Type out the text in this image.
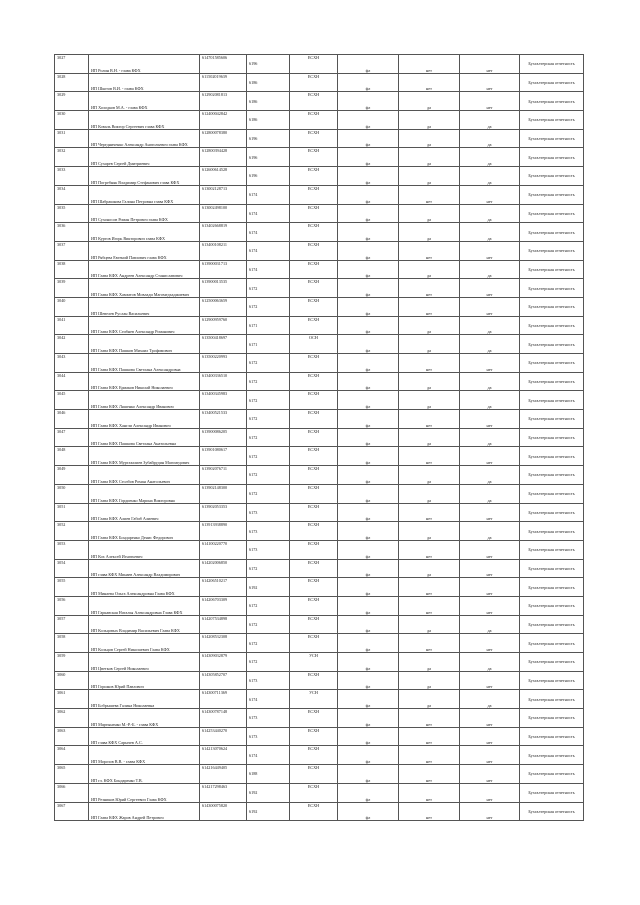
3027	ИП Ролин В.Н. - глава КФХ	614701585606	6196	ЕСХН	фл	нет	нет	Бухгалтерская отчетность
3028	ИП Шкотов В.И. - глава КФХ	611502019639	6186	ЕСХН	фл	нет	нет	Бухгалтерская отчетность
3029	ИП Холодков М.А. - глава КФХ	612902081813	6186	ЕСХН	фл	да	нет	Бухгалтерская отчетность
3030	ИП Коваль Виктор Сергеевич глава КФХ	612400042842	6186	ЕСХН	фл	да	да	Бухгалтерская отчетность
3031	ИП Чередниченко Александр Анатольевич глава КФХ	612800078380	6196	ЕСХН	фл	да	да	Бухгалтерская отчетность
3032	ИП Сухарев Сергей Дмитриевич	612800394428	6196	ЕСХН	фл	да	да	Бухгалтерская отчетность
3033	ИП Погребняк Владимир Стефанович глава КФХ	612600614528	6196	ЕСХН	фл	да	да	Бухгалтерская отчетность
3034	ИП Шабрашкова Галина Петровна глава КФХ	613002128713	6174	ЕСХН	фл	нет	нет	Бухгалтерская отчетность
3035	ИП Сухоносов Роман Петрович глава КФХ	613002498100	6174	ЕСХН	фл	да	да	Бухгалтерская отчетность
3036	ИП Куртов Игорь Викторович глава КФХ	613402668819	6174	ЕСХН	фл	да	да	Бухгалтерская отчетность
3037	ИП Рябцева Евгений Павлович глава КФХ	613400108211	6174	ЕСХН	фл	нет	нет	Бухгалтерская отчетность
3038	ИП Глава КФХ Андреев Александр Станиславович	613900031713	6174	ЕСХН	фл	да	да	Бухгалтерская отчетность
3039	ИП Глава КФХ Хамзатов Мовлади Магомедхаджиевич	613900013535	6172	ЕСХН	фл	нет	нет	Бухгалтерская отчетность
3040	ИП Шевелев Руслан Васильевич	612500063659	6172	ЕСХН	фл	нет	нет	Бухгалтерская отчетность
3041	ИП Глава КФХ Сгибнев Александр Романович	612900959760	6171	ЕСХН	фл	да	да	Бухгалтерская отчетность
3042	ИП Глава КФХ Пашков Михаил Трофимович	613500418697	6171	ОСН	фл	да	да	Бухгалтерская отчетность
3043	ИП Глава КФХ Пашкова Светлана Александровна	613500220993	6172	ЕСХН	фл	нет	нет	Бухгалтерская отчетность
3044	ИП Глава КФХ Ермаков Николай Николаевич	613400336510	6172	ЕСХН	фл	да	да	Бухгалтерская отчетность
3045	ИП Глава КФХ Ляшенко Александр Иванович	613400345983	6172	ЕСХН	фл	да	да	Бухгалтерская отчетность
3046	ИП Глава КФХ Хангли Александр Иванович	613400521533	6172	ЕСХН	фл	нет	нет	Бухгалтерская отчетность
3047	ИП Глава КФХ Пашкова Светлана Анатольевна	613900086205	6172	ЕСХН	фл	да	да	Бухгалтерская отчетность
3048	ИП Глава КФХ Муртазалиев Зубайрудин Магомедович	613901080617	6172	ЕСХН	фл	нет	нет	Бухгалтерская отчетность
3049	ИП Глава КФХ Столбов Роман Анатольевич	613902076711	6172	ЕСХН	фл	да	да	Бухгалтерская отчетность
3050	ИП Глава КФХ Гордиенко Марина Викторовна	613902148300	6172	ЕСХН	фл	да	да	Бухгалтерская отчетность
3051	ИП Глава КФХ Алиев Габиб Алиевич	613902053353	6173	ЕСХН	фл	нет	нет	Бухгалтерская отчетность
3052	ИП Глава КФХ Бондаренко Денис Федорович	613913938890	6173	ЕСХН	фл	да	да	Бухгалтерская отчетность
3053	ИП Кох Алексей Игнатьевич	614100220770	6173	ЕСХН	фл	нет	нет	Бухгалтерская отчетность
3054	ИП глава КФХ Минаев Александр Владимирович	614202006850	6172	ЕСХН	фл	да	нет	Бухгалтерская отчетность
3055	ИП Минаева Ольга Александровна Глава КФХ	614206510217	6192	ЕСХН	фл	нет	нет	Бухгалтерская отчетность
3056	ИП Гаркавская Наталья Александровна Глава КФХ	614206703309	6172	ЕСХН	фл	нет	нет	Бухгалтерская отчетность
3057	ИП Кольцовых Владимир Васильевич Глава КФХ	614207534898	6172	ЕСХН	фл	да	да	Бухгалтерская отчетность
3058	ИП Кольцов Сергей Николаевич Глава КФХ	614208532308	6172	ЕСХН	фл	нет	нет	Бухгалтерская отчетность
3059	ИП Цветков Сергей Николаевич	614309032879	6172	УСН	фл	да	да	Бухгалтерская отчетность
3060	ИП Горшков Юрий Павлович	614305852707	6173	ЕСХН	фл	да	нет	Бухгалтерская отчетность
3061	ИП Бобрышева Галина Николаевна	614300711369	6174	УСН	фл	да	да	Бухгалтерская отчетность
3062	ИП Мартыненко М.-Р.-Б. - глава КФХ	614300787148	6173	ЕСХН	фл	нет	нет	Бухгалтерская отчетность
3063	ИП глава КФХ Сарычев А.С.	614253440270	6173	ЕСХН	фл	нет	нет	Бухгалтерская отчетность
3064	ИП Морозов В.В. - глава КФХ	614213070624	6174	ЕСХН	фл	нет	нет	Бухгалтерская отчетность
3065	ИП гл. КФХ Бондаренко Т.В.	614216449405	6188	ЕСХН	фл	нет	нет	Бухгалтерская отчетность
3066	ИП Резников Юрий Сергеевич Глава КФХ	614217298463	6192	ЕСХН	фл	нет	нет	Бухгалтерская отчетность
3067	ИП Глава КФХ Жаров Андрей Петрович	614300075820	6192	ЕСХН	фл	нет	нет	Бухгалтерская отчетность
